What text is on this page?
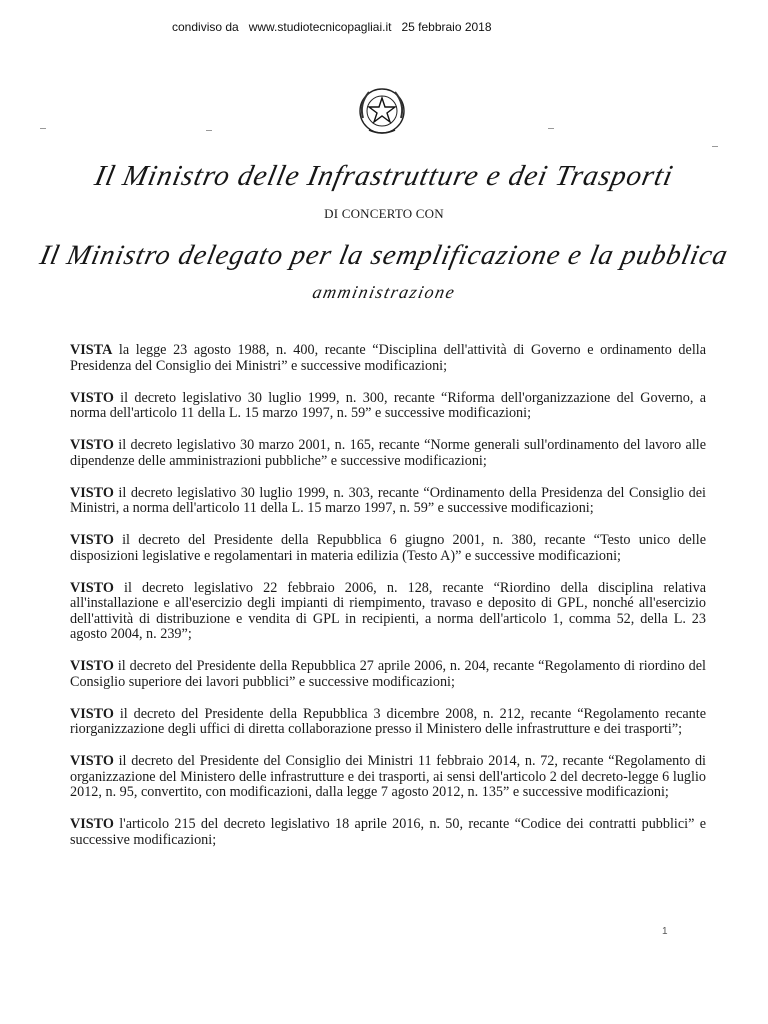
condiviso da   www.studiotecnicopagliai.it   25 febbraio 2018
Il Ministro delle Infrastrutture e dei Trasporti
DI CONCERTO CON
Il Ministro delegato per la semplificazione e la pubblica
amministrazione

VISTA la legge 23 agosto 1988, n. 400, recante “Disciplina dell'attività di Governo e ordinamento della Presidenza del Consiglio dei Ministri” e successive modificazioni;

VISTO il decreto legislativo 30 luglio 1999, n. 300, recante “Riforma dell'organizzazione del Governo, a norma dell'articolo 11 della L. 15 marzo 1997, n. 59” e successive modificazioni;

VISTO il decreto legislativo 30 marzo 2001, n. 165, recante “Norme generali sull'ordinamento del lavoro alle dipendenze delle amministrazioni pubbliche” e successive modificazioni;

VISTO il decreto legislativo 30 luglio 1999, n. 303, recante “Ordinamento della Presidenza del Consiglio dei Ministri, a norma dell'articolo 11 della L. 15 marzo 1997, n. 59” e successive modificazioni;

VISTO il decreto del Presidente della Repubblica 6 giugno 2001, n. 380, recante “Testo unico delle disposizioni legislative e regolamentari in materia edilizia (Testo A)” e successive modificazioni;

VISTO il decreto legislativo 22 febbraio 2006, n. 128, recante “Riordino della disciplina relativa all'installazione e all'esercizio degli impianti di riempimento, travaso e deposito di GPL, nonché all'esercizio dell'attività di distribuzione e vendita di GPL in recipienti, a norma dell'articolo 1, comma 52, della L. 23 agosto 2004, n. 239”;

VISTO il decreto del Presidente della Repubblica 27 aprile 2006, n. 204, recante “Regolamento di riordino del Consiglio superiore dei lavori pubblici” e successive modificazioni;

VISTO il decreto del Presidente della Repubblica 3 dicembre 2008, n. 212, recante “Regolamento recante riorganizzazione degli uffici di diretta collaborazione presso il Ministero delle infrastrutture e dei trasporti”;

VISTO il decreto del Presidente del Consiglio dei Ministri 11 febbraio 2014, n. 72, recante “Regolamento di organizzazione del Ministero delle infrastrutture e dei trasporti, ai sensi dell'articolo 2 del decreto-legge 6 luglio 2012, n. 95, convertito, con modificazioni, dalla legge 7 agosto 2012, n. 135” e successive modificazioni;

VISTO l'articolo 215 del decreto legislativo 18 aprile 2016, n. 50, recante “Codice dei contratti pubblici” e successive modificazioni;

1
